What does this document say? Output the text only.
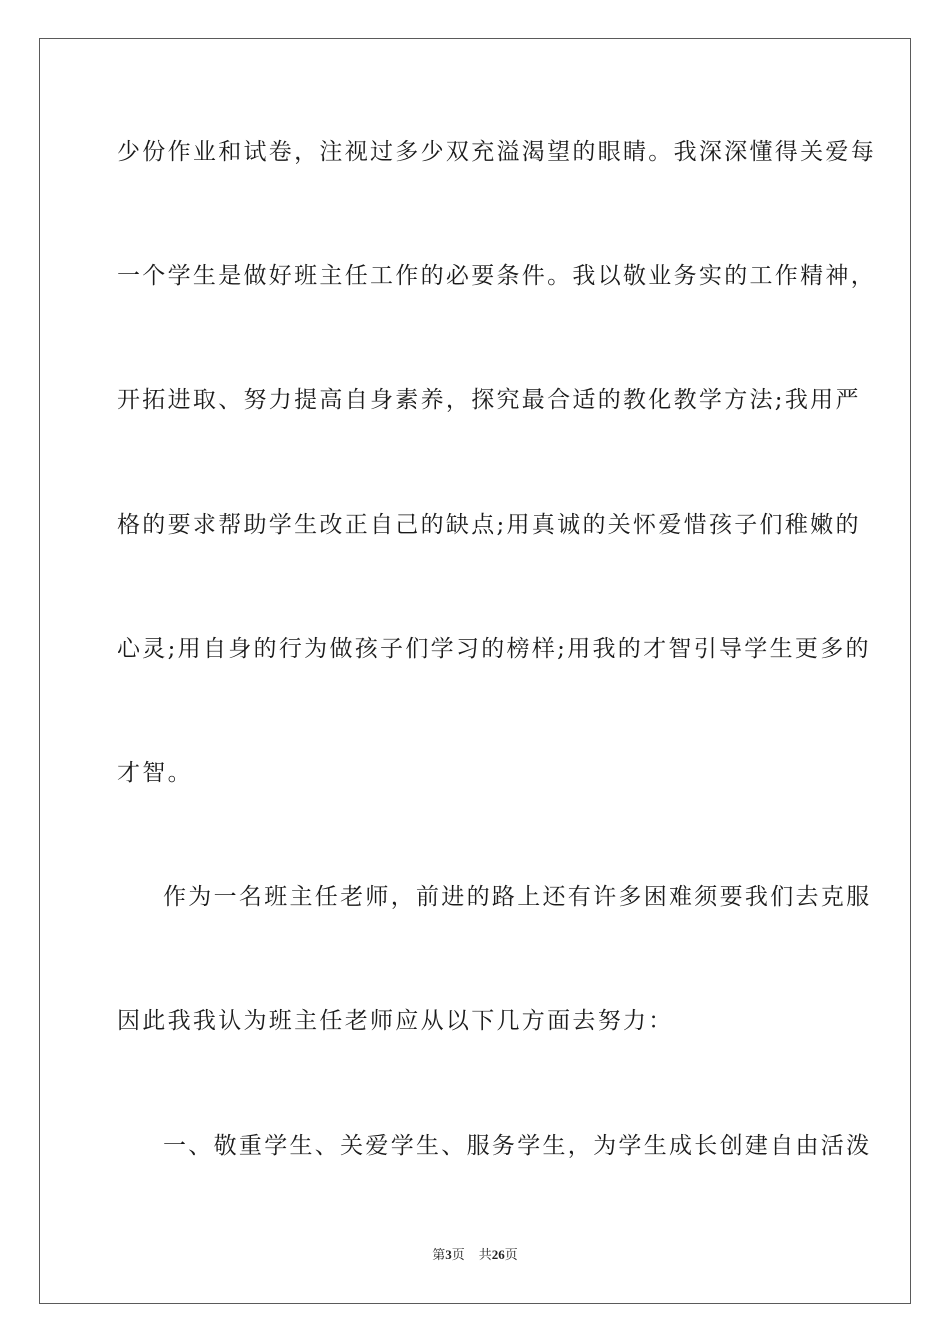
少份作业和试卷，注视过多少双充溢渴望的眼睛。我深深懂得关爱每
一个学生是做好班主任工作的必要条件。我以敬业务实的工作精神，
开拓进取、努力提高自身素养，探究最合适的教化教学方法;我用严
格的要求帮助学生改正自己的缺点;用真诚的关怀爱惜孩子们稚嫩的
心灵;用自身的行为做孩子们学习的榜样;用我的才智引导学生更多的
才智。
作为一名班主任老师，前进的路上还有许多困难须要我们去克服
因此我我认为班主任老师应从以下几方面去努力：
一、敬重学生、关爱学生、服务学生，为学生成长创建自由活泼
第3页 共26页
